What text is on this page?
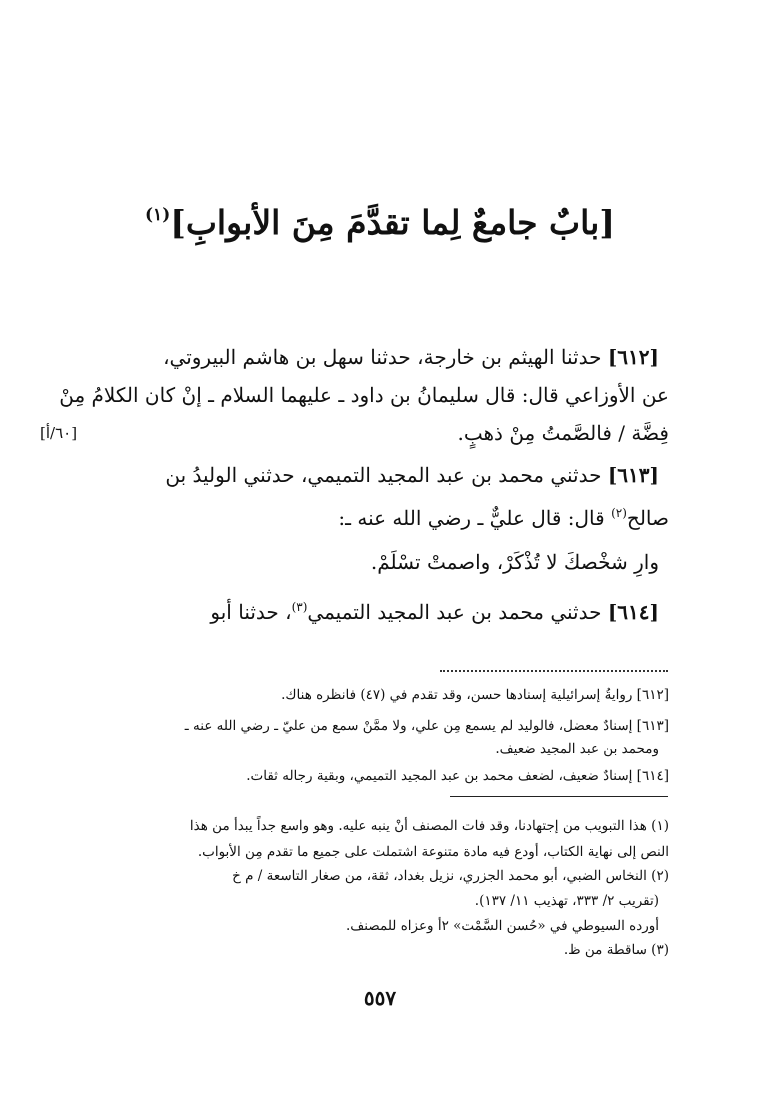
[بابٌ جامعٌ لِما تقدَّمَ مِنَ الأبوابِ]$^{(١)}$
[٦١٢] حدثنا الهيثم بن خارجة، حدثنا سهل بن هاشم البيروتي،
عن الأوزاعي قال: قال سليمانُ بن داود ـ عليهما السلام ـ إنْ كان الكلامُ مِنْ
فِضَّة / فالصَّمتُ مِنْ ذهبٍ.
[٦٠/أ]
[٦١٣] حدثني محمد بن عبد المجيد التميمي، حدثني الوليدُ بن
صالح$^{(٢)}$ قال: قال عليٌّ ـ رضي الله عنه ـ:
وارِ شخْصكَ لا تُذْكَرْ، واصمتْ تسْلَمْ.
[٦١٤] حدثني محمد بن عبد المجيد التميمي$^{(٣)}$، حدثنا أبو
[٦١٢] روايةُ إسرائيلية إسنادها حسن، وقد تقدم في (٤٧) فانظره هناك.
[٦١٣] إسنادٌ معضل، فالوليد لم يسمع مِن علي، ولا ممَّنْ سمع من عليّ ـ رضي الله عنه ـ
ومحمد بن عبد المجيد ضعيف.
[٦١٤] إسنادٌ ضعيف، لضعف محمد بن عبد المجيد التميمي، وبقية رجاله ثقات.
(١) هذا التبويب من إجتهادنا، وقد فات المصنف أنْ ينبه عليه. وهو واسع جداً يبدأ من هذا
النص إلى نهاية الكتاب، أودع فيه مادة متنوعة اشتملت على جميع ما تقدم مِن الأبواب.
(٢) النخاس الضبي، أبو محمد الجزري، نزيل بغداد، ثقة، من صغار التاسعة / م خ
(تقريب ٢/ ٣٣٣، تهذيب ١١/ ١٣٧).
أورده السيوطي في «حُسن السَّمْت» ٢أ وعزاه للمصنف.
(٣) ساقطة من ظ.
٥٥٧
